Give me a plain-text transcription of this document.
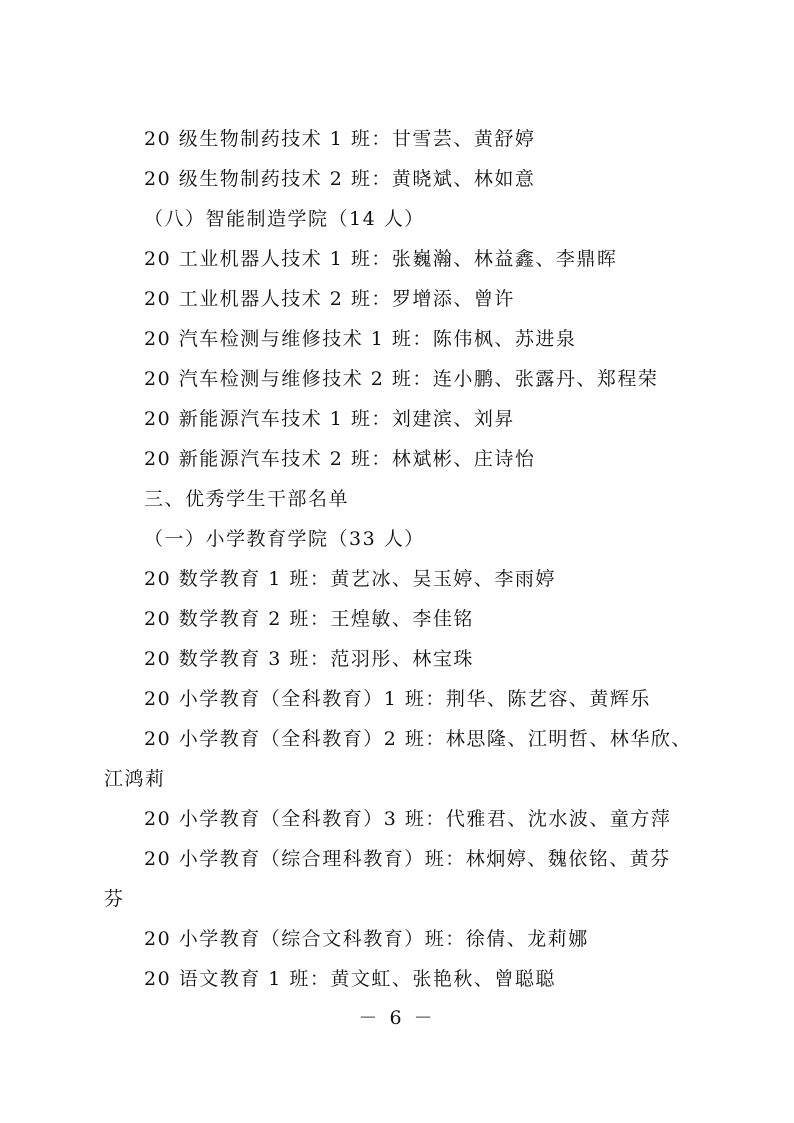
20 级生物制药技术 1 班：甘雪芸、黄舒婷
20 级生物制药技术 2 班：黄晓斌、林如意
（八）智能制造学院（14 人）
20 工业机器人技术 1 班：张巍瀚、林益鑫、李鼎晖
20 工业机器人技术 2 班：罗增添、曾许
20 汽车检测与维修技术 1 班：陈伟枫、苏进泉
20 汽车检测与维修技术 2 班：连小鹏、张露丹、郑程荣
20 新能源汽车技术 1 班：刘建滨、刘昇
20 新能源汽车技术 2 班：林斌彬、庄诗怡
三、优秀学生干部名单
（一）小学教育学院（33 人）
20 数学教育 1 班：黄艺冰、吴玉婷、李雨婷
20 数学教育 2 班：王煌敏、李佳铭
20 数学教育 3 班：范羽彤、林宝珠
20 小学教育（全科教育）1 班：荆华、陈艺容、黄辉乐
20 小学教育（全科教育）2 班：林思隆、江明哲、林华欣、
江鸿莉
20 小学教育（全科教育）3 班：代雅君、沈水波、童方萍
20 小学教育（综合理科教育）班：林炯婷、魏依铭、黄芬
芬
20 小学教育（综合文科教育）班：徐倩、龙莉娜
20 语文教育 1 班：黄文虹、张艳秋、曾聪聪
－ 6 －
